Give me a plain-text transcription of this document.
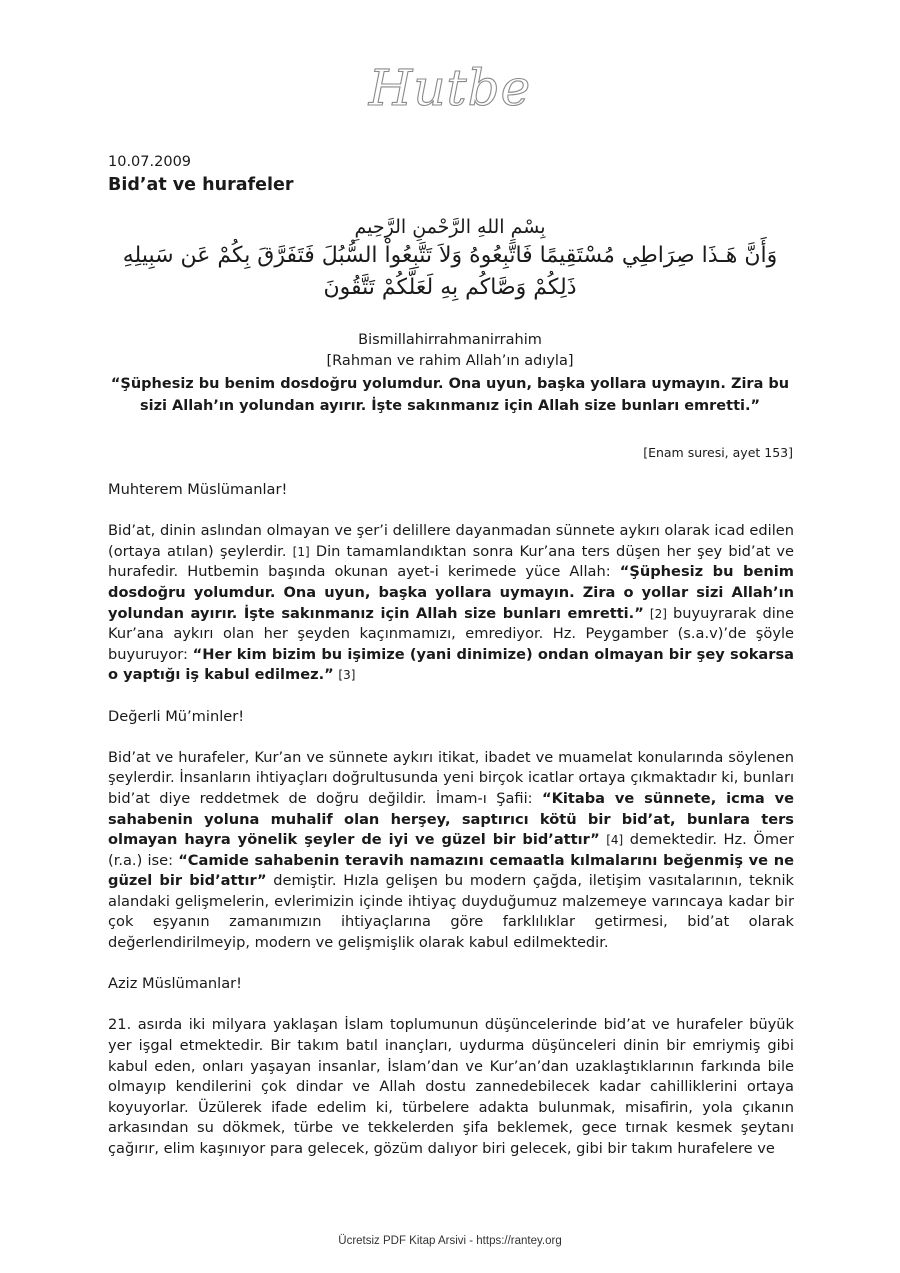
Hutbe
10.07.2009
Bid’at ve hurafeler
بِسْمِ اللهِ الرَّحْمنِ الرَّحِيمِ
وَأَنَّ هَـذَا صِرَاطِي مُسْتَقِيمًا فَاتَّبِعُوهُ وَلاَ تَتَّبِعُواْ السُّبُلَ فَتَفَرَّقَ بِكُمْ عَن سَبِيلِهِ ذَلِكُمْ وَصَّاكُم بِهِ لَعَلَّكُمْ تَتَّقُونَ
Bismillahirrahmanirrahim
[Rahman ve rahim Allah’ın adıyla]
“Şüphesiz bu benim dosdoğru yolumdur. Ona uyun, başka yollara uymayın. Zira bu sizi Allah’ın yolundan ayırır. İşte sakınmanız için Allah size bunları emretti.”
[Enam suresi, ayet 153]

Muhterem Müslümanlar!

Bid’at, dinin aslından olmayan ve şer’i delillere dayanmadan sünnete aykırı olarak icad edilen (ortaya atılan) şeylerdir. [1] Din tamamlandıktan sonra Kur’ana ters düşen her şey bid’at ve hurafedir. Hutbemin başında okunan ayet-i kerimede yüce Allah: “Şüphesiz bu benim dosdoğru yolumdur. Ona uyun, başka yollara uymayın. Zira o yollar sizi Allah’ın yolundan ayırır. İşte sakınmanız için Allah size bunları emretti.” [2] buyuyrarak dine Kur’ana aykırı olan her şeyden kaçınmamızı, emrediyor. Hz. Peygamber (s.a.v)’de şöyle buyuruyor: “Her kim bizim bu işimize (yani dinimize) ondan olmayan bir şey sokarsa o yaptığı iş kabul edilmez.” [3]

Değerli Mü’minler!

Bid’at ve hurafeler, Kur’an ve sünnete aykırı itikat, ibadet ve muamelat konularında söylenen şeylerdir. İnsanların ihtiyaçları doğrultusunda yeni birçok icatlar ortaya çıkmaktadır ki, bunları bid’at diye reddetmek de doğru değildir. İmam-ı Şafii: “Kitaba ve sünnete, icma ve sahabenin yoluna muhalif olan herşey, saptırıcı kötü bir bid’at, bunlara ters olmayan hayra yönelik şeyler de iyi ve güzel bir bid’attır” [4] demektedir. Hz. Ömer (r.a.) ise: “Camide sahabenin teravih namazını cemaatla kılmalarını beğenmiş ve ne güzel bir bid’attır” demiştir. Hızla gelişen bu modern çağda, iletişim vasıtalarının, teknik alandaki gelişmelerin, evlerimizin içinde ihtiyaç duyduğumuz malzemeye varıncaya kadar bir çok eşyanın zamanımızın ihtiyaçlarına göre farklılıklar getirmesi, bid’at olarak değerlendirilmeyip, modern ve gelişmişlik olarak kabul edilmektedir.

Aziz Müslümanlar!

21. asırda iki milyara yaklaşan İslam toplumunun düşüncelerinde bid’at ve hurafeler büyük yer işgal etmektedir. Bir takım batıl inançları, uydurma düşünceleri dinin bir emriymiş gibi kabul eden, onları yaşayan insanlar, İslam’dan ve Kur’an’dan uzaklaştıklarının farkında bile olmayıp kendilerini çok dindar ve Allah dostu zannedebilecek kadar cahilliklerini ortaya koyuyorlar. Üzülerek ifade edelim ki, türbelere adakta bulunmak, misafirin, yola çıkanın arkasından su dökmek, türbe ve tekkelerden şifa beklemek, gece tırnak kesmek şeytanı çağırır, elim kaşınıyor para gelecek, gözüm dalıyor biri gelecek, gibi bir takım hurafelere ve

Ücretsiz PDF Kitap Arsivi - https://rantey.org
